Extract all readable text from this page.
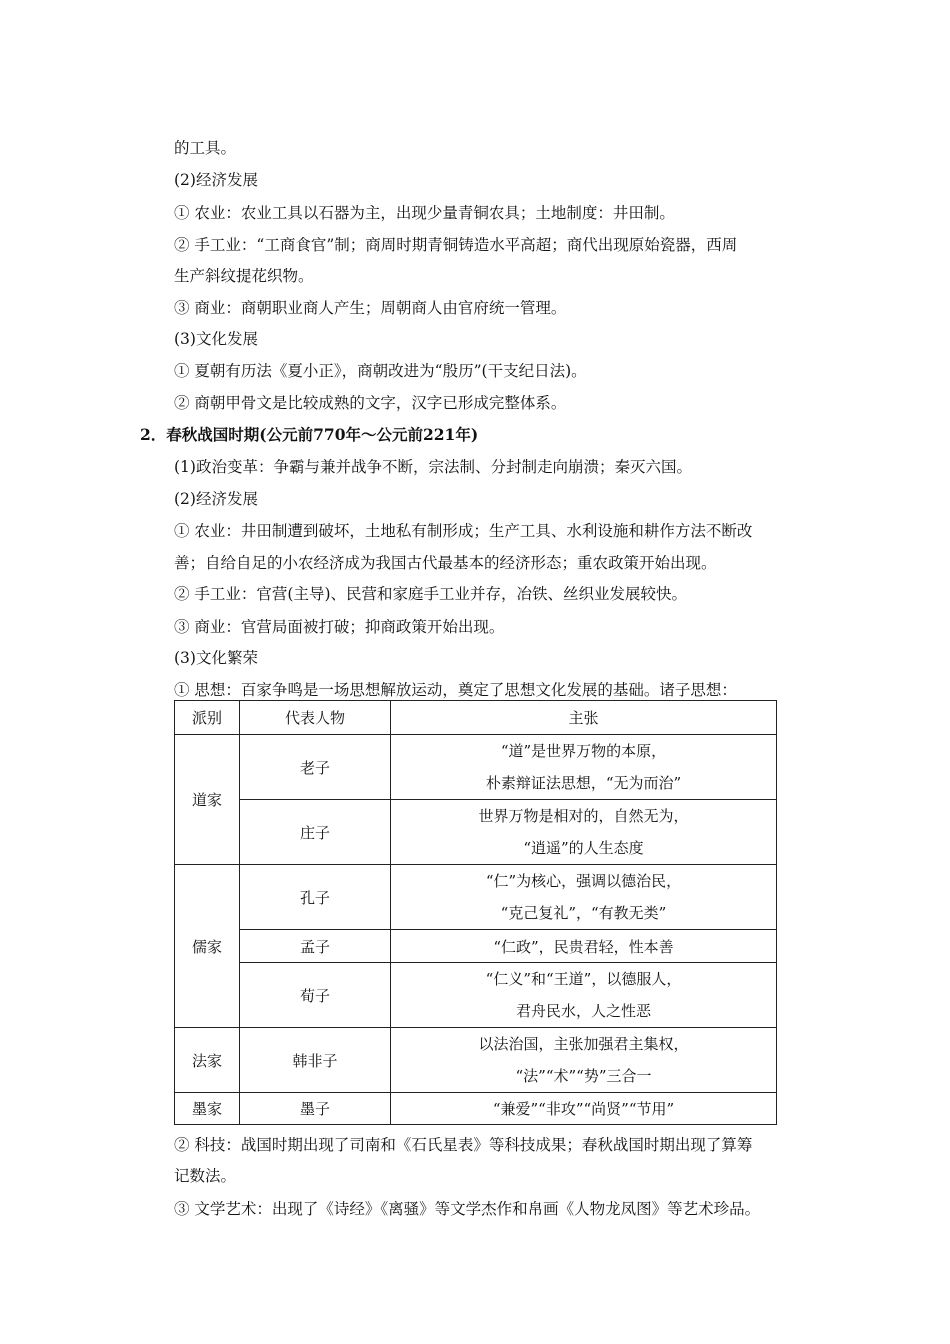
的工具。
(2)经济发展
① 农业：农业工具以石器为主，出现少量青铜农具；土地制度：井田制。
② 手工业：“工商食官”制；商周时期青铜铸造水平高超；商代出现原始瓷器，西周
生产斜纹提花织物。
③ 商业：商朝职业商人产生；周朝商人由官府统一管理。
(3)文化发展
① 夏朝有历法《夏小正》，商朝改进为“殷历”(干支纪日法)。
② 商朝甲骨文是比较成熟的文字，汉字已形成完整体系。
2．春秋战国时期(公元前770年～公元前221年)
(1)政治变革：争霸与兼并战争不断，宗法制、分封制走向崩溃；秦灭六国。
(2)经济发展
① 农业：井田制遭到破坏，土地私有制形成；生产工具、水利设施和耕作方法不断改
善；自给自足的小农经济成为我国古代最基本的经济形态；重农政策开始出现。
② 手工业：官营(主导)、民营和家庭手工业并存，冶铁、丝织业发展较快。
③ 商业：官营局面被打破；抑商政策开始出现。
(3)文化繁荣
① 思想：百家争鸣是一场思想解放运动，奠定了思想文化发展的基础。诸子思想：
派别	代表人物	主张
道家	老子	“道”是世界万物的本原，
朴素辩证法思想，“无为而治”

	庄子	世界万物是相对的，自然无为，
“逍遥”的人生态度

儒家	孔子	“仁”为核心，强调以德治民，
“克己复礼”，“有教无类”

	孟子	“仁政”，民贵君轻，性本善
	荀子	“仁义”和“王道”，以德服人，
君舟民水，人之性恶

法家	韩非子	以法治国，主张加强君主集权，
“法”“术”“势”三合一

墨家	墨子	“兼爱”“非攻”“尚贤”“节用”
② 科技：战国时期出现了司南和《石氏星表》等科技成果；春秋战国时期出现了算筹
记数法。
③ 文学艺术：出现了《诗经》《离骚》等文学杰作和帛画《人物龙凤图》等艺术珍品。
